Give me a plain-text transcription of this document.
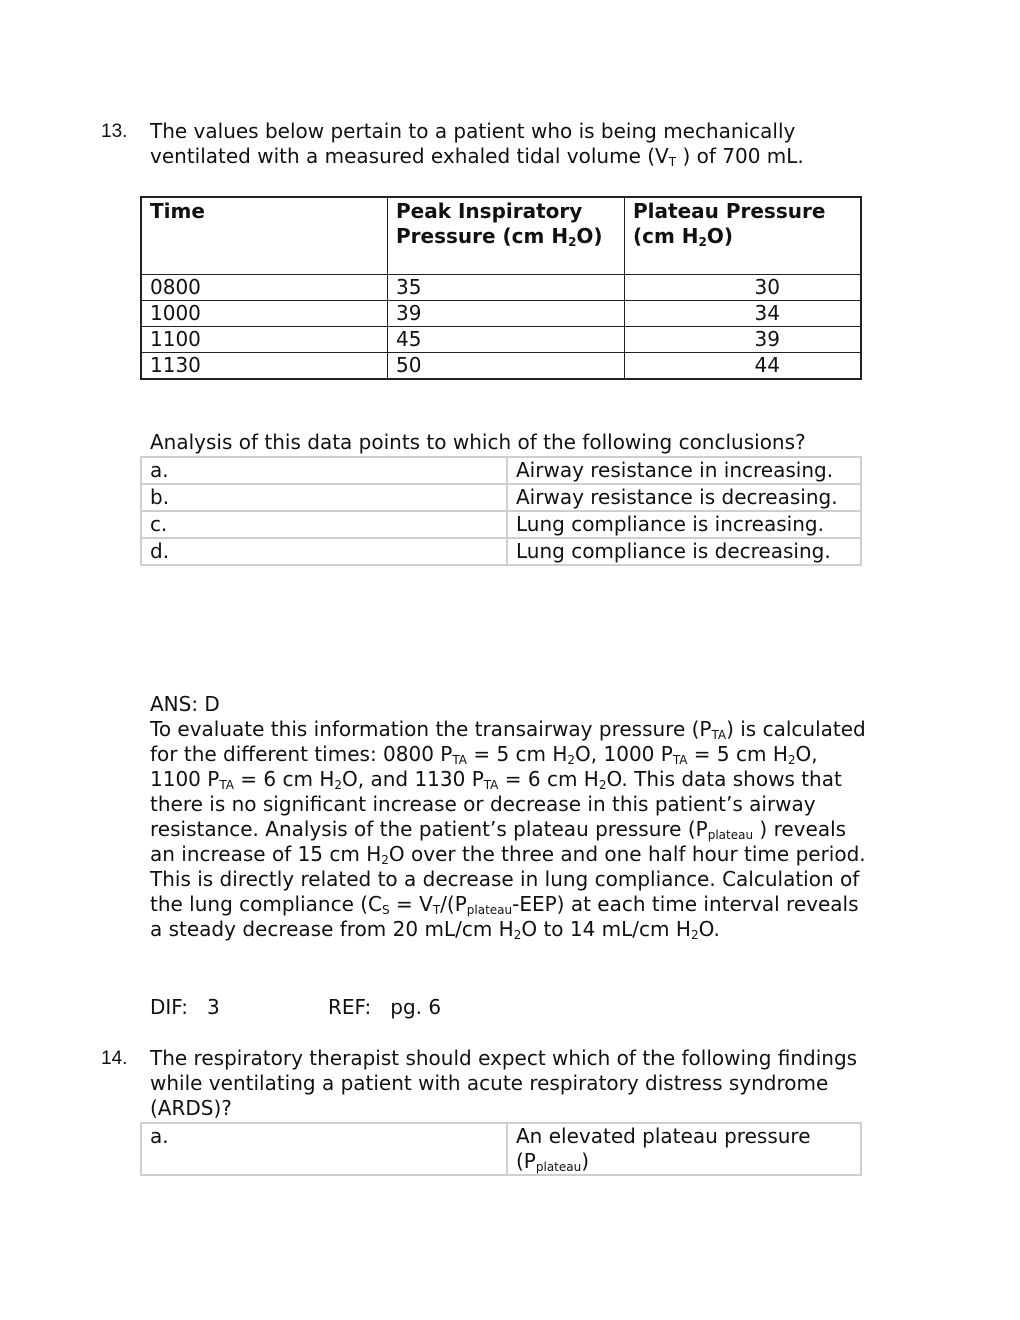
13. The values below pertain to a patient who is being mechanically
ventilated with a measured exhaled tidal volume ($V_T$ ) of 700 mL.
Time	Peak Inspiratory Pressure (cm $H_2O$)	Plateau Pressure (cm $H_2O$)
0800	35	30
1000	39	34
1100	45	39
1130	50	44
Analysis of this data points to which of the following conclusions?
a.	Airway resistance in increasing.
b.	Airway resistance is decreasing.
c.	Lung compliance is increasing.
d.	Lung compliance is decreasing.
ANS: D
To evaluate this information the transairway pressure $(P_{TA})$ is calculated for the different times: 0800 $P_{TA} = 5$ cm $H_2O$, 1000 $P_{TA} = 5$ cm $H_2O$, 1100 $P_{TA} = 6$ cm $H_2O$, and 1130 $P_{TA} = 6$ cm $H_2O$. This data shows that there is no significant increase or decrease in this patient’s airway resistance. Analysis of the patient’s plateau pressure ($P_{plateau}$ ) reveals an increase of 15 cm $H_2O$ over the three and one half hour time period. This is directly related to a decrease in lung compliance. Calculation of the lung compliance ($C_S = V_T/(P_{plateau}-EEP)$ at each time interval reveals a steady decrease from 20 mL/cm $H_2O$ to 14 mL/cm $H_2O$.
DIF:   3	REF:   pg. 6
14. The respiratory therapist should expect which of the following findings while ventilating a patient with acute respiratory distress syndrome (ARDS)?
a.	An elevated plateau pressure $(P_{plateau})$
